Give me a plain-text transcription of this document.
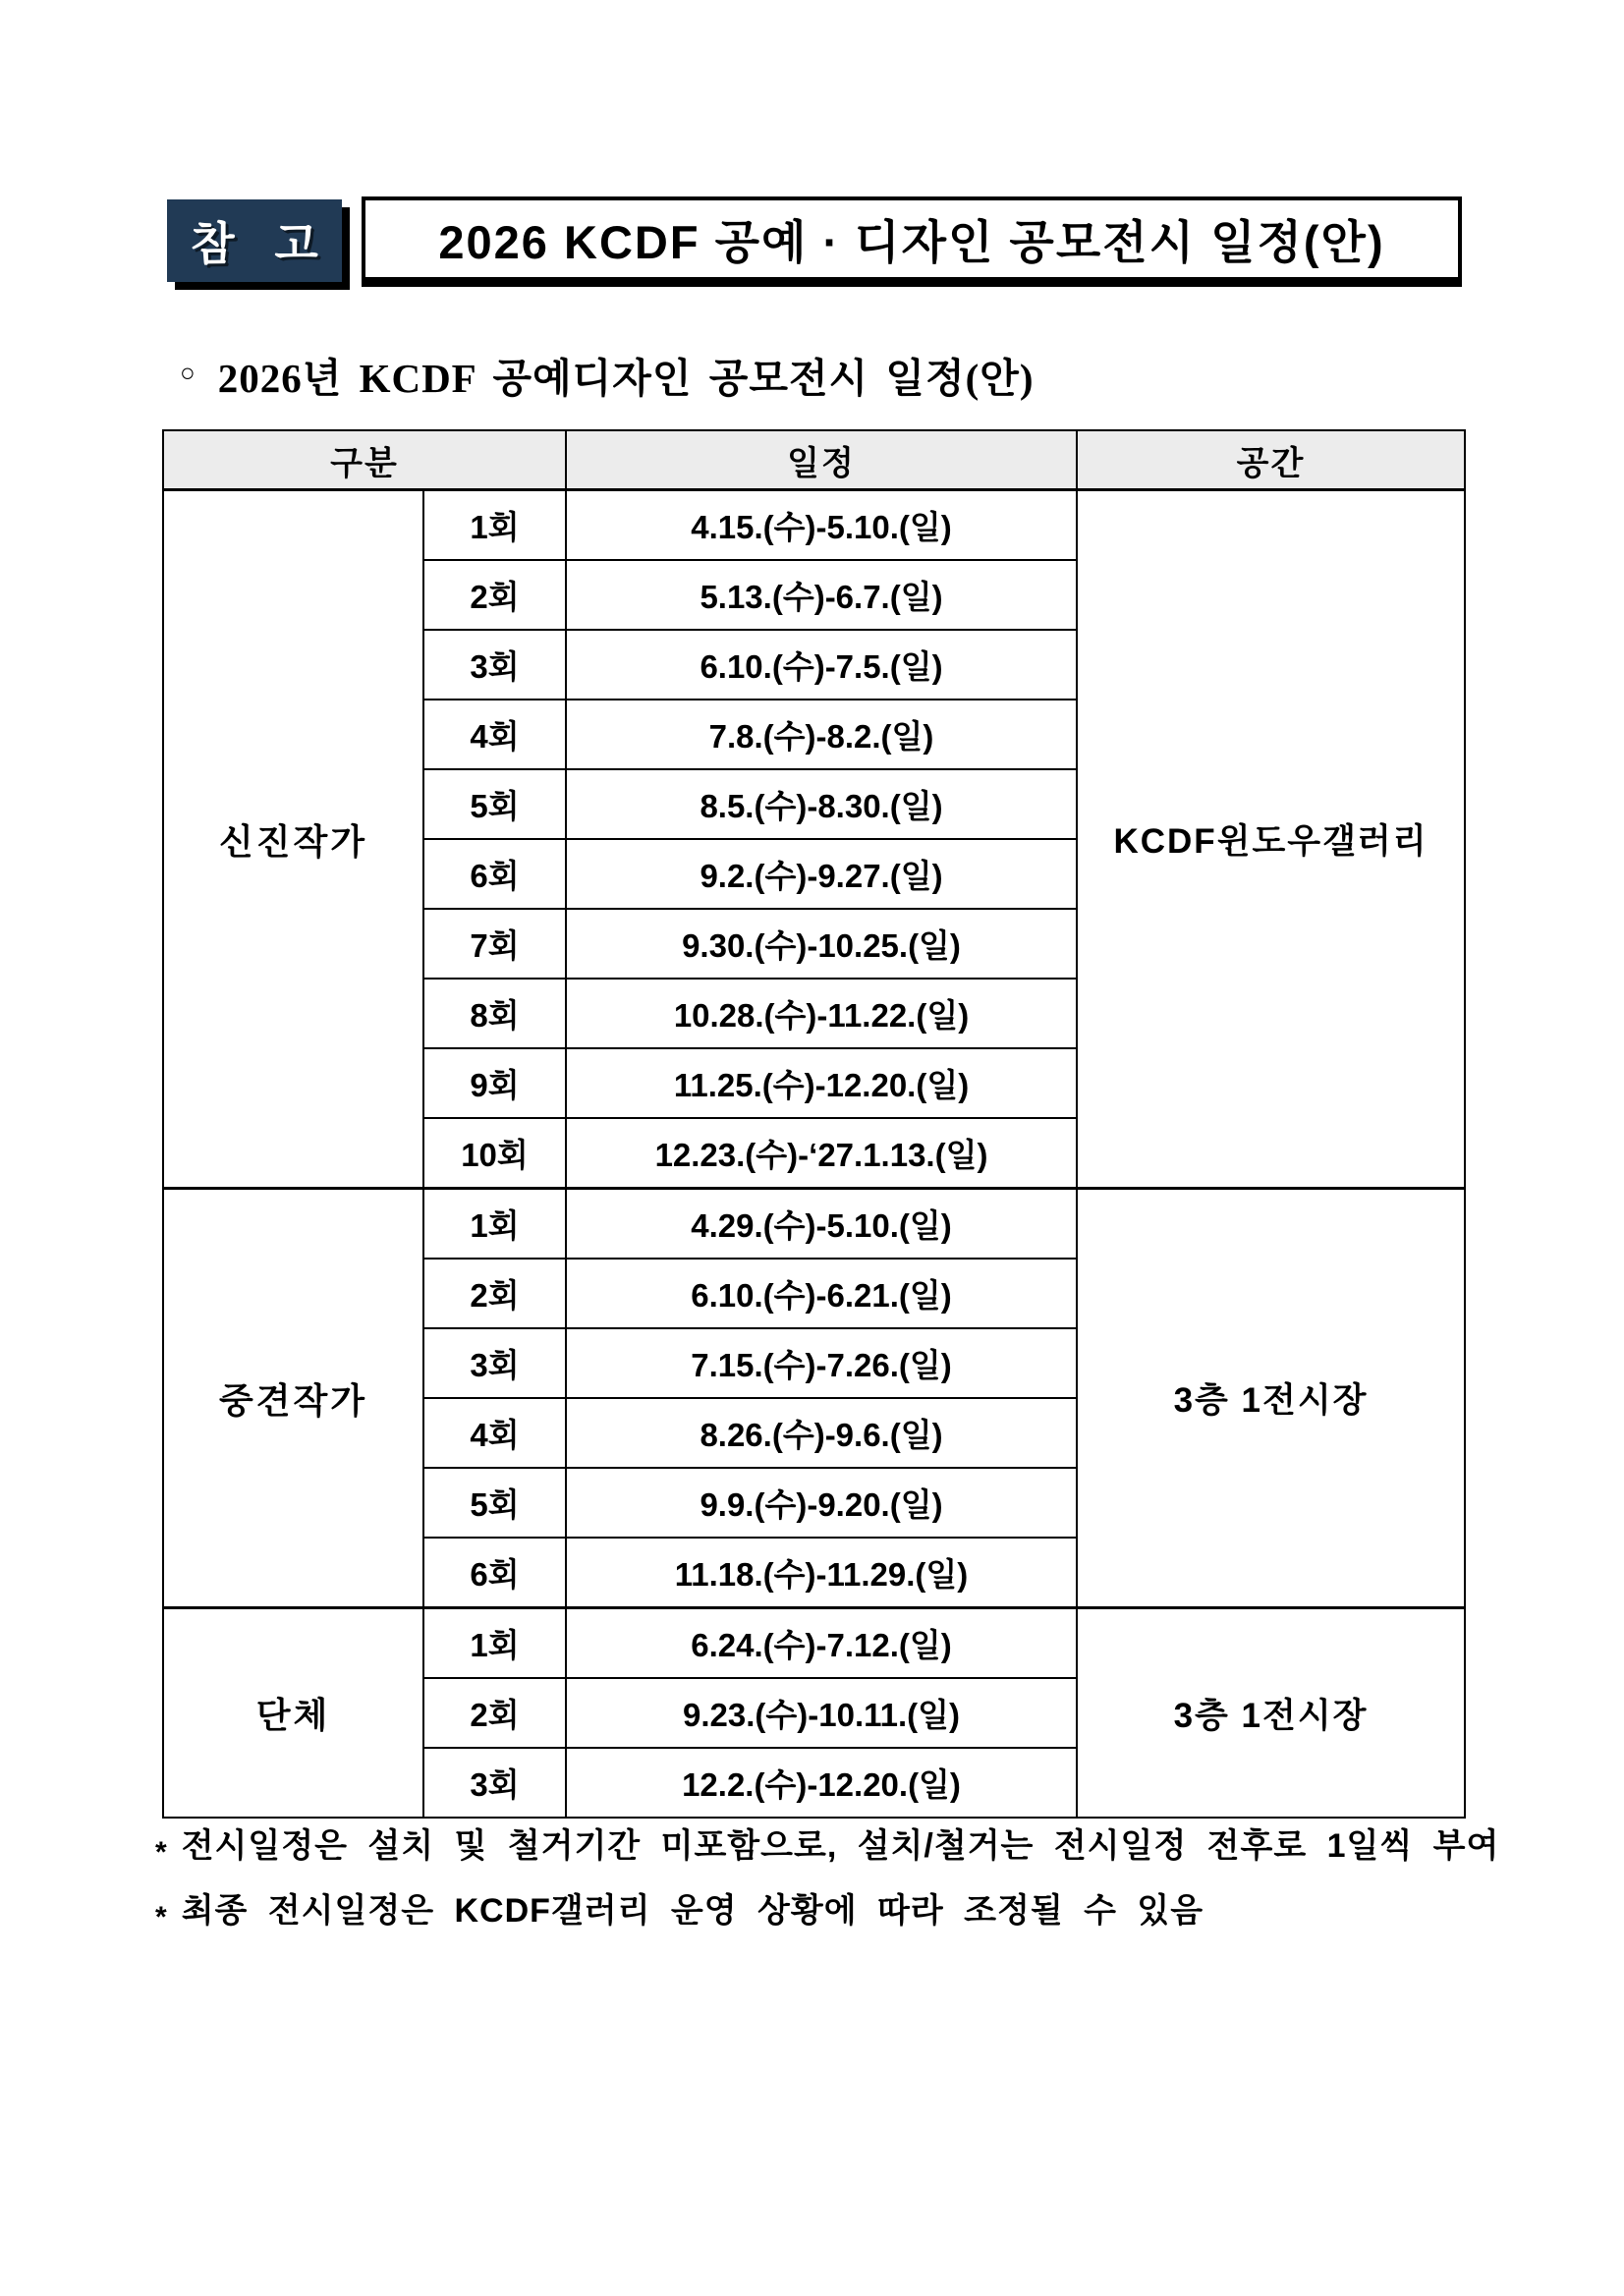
참 고 2026 KCDF 공예 · 디자인 공모전시 일정(안)
○ 2026년 KCDF 공예디자인 공모전시 일정(안)
구분		일정	공간
신진작가	1회	4.15.(수)-5.10.(일)	KCDF윈도우갤러리
	2회	5.13.(수)-6.7.(일)	
	3회	6.10.(수)-7.5.(일)	
	4회	7.8.(수)-8.2.(일)	
	5회	8.5.(수)-8.30.(일)	
	6회	9.2.(수)-9.27.(일)	
	7회	9.30.(수)-10.25.(일)	
	8회	10.28.(수)-11.22.(일)	
	9회	11.25.(수)-12.20.(일)	
	10회	12.23.(수)-‘27.1.13.(일)	
중견작가	1회	4.29.(수)-5.10.(일)	3층 1전시장
	2회	6.10.(수)-6.21.(일)	
	3회	7.15.(수)-7.26.(일)	
	4회	8.26.(수)-9.6.(일)	
	5회	9.9.(수)-9.20.(일)	
	6회	11.18.(수)-11.29.(일)	
단체	1회	6.24.(수)-7.12.(일)	3층 1전시장
	2회	9.23.(수)-10.11.(일)	
	3회	12.2.(수)-12.20.(일)	
* 전시일정은 설치 및 철거기간 미포함으로, 설치/철거는 전시일정 전후로 1일씩 부여
* 최종 전시일정은 KCDF갤러리 운영 상황에 따라 조정될 수 있음
